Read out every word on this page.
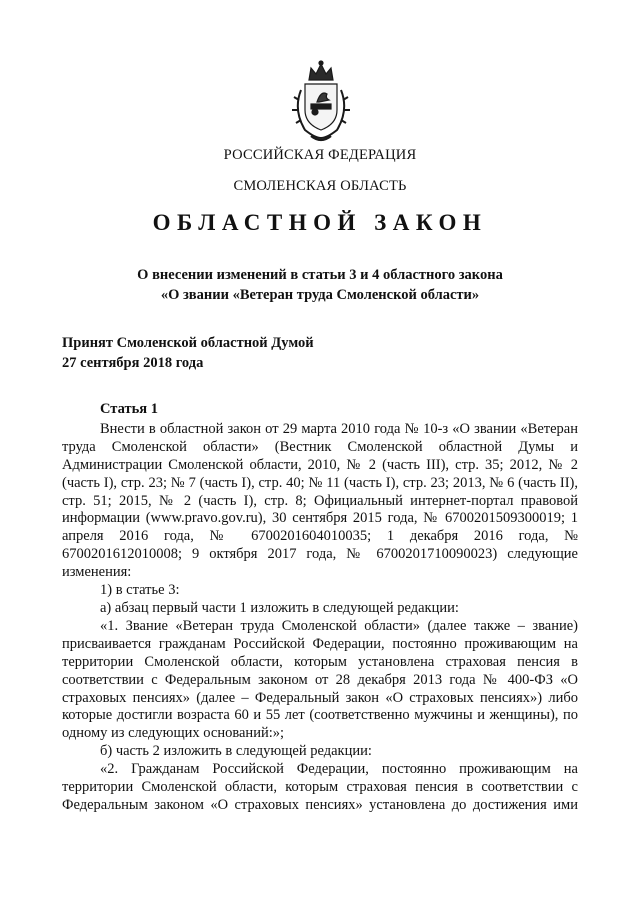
РОССИЙСКАЯ ФЕДЕРАЦИЯ
СМОЛЕНСКАЯ ОБЛАСТЬ
ОБЛАСТНОЙ ЗАКОН
О внесении изменений в статьи 3 и 4 областного закона
«О звании «Ветеран труда Смоленской области»
Принят Смоленской областной Думой
27 сентября 2018 года
Статья 1
Внести в областной закон от 29 марта 2010 года № 10-з «О звании «Ветеран труда Смоленской области» (Вестник Смоленской областной Думы и Администрации Смоленской области, 2010, № 2 (часть III), стр. 35; 2012, № 2 (часть I), стр. 23; № 7 (часть I), стр. 40; № 11 (часть I), стр. 23; 2013, № 6 (часть II), стр. 51; 2015, № 2 (часть I), стр. 8; Официальный интернет-портал правовой информации (www.pravo.gov.ru), 30 сентября 2015 года, № 6700201509300019; 1 апреля 2016 года, № 6700201604010035; 1 декабря 2016 года, № 6700201612010008; 9 октября 2017 года, № 6700201710090023) следующие изменения:
1) в статье 3:
а) абзац первый части 1 изложить в следующей редакции:
«1. Звание «Ветеран труда Смоленской области» (далее также – звание) присваивается гражданам Российской Федерации, постоянно проживающим на территории Смоленской области, которым установлена страховая пенсия в соответствии с Федеральным законом от 28 декабря 2013 года № 400-ФЗ «О страховых пенсиях» (далее – Федеральный закон «О страховых пенсиях») либо которые достигли возраста 60 и 55 лет (соответственно мужчины и женщины), по одному из следующих оснований:»;
б) часть 2 изложить в следующей редакции:
«2. Гражданам Российской Федерации, постоянно проживающим на территории Смоленской области, которым страховая пенсия в соответствии с Федеральным законом «О страховых пенсиях» установлена до достижения ими
